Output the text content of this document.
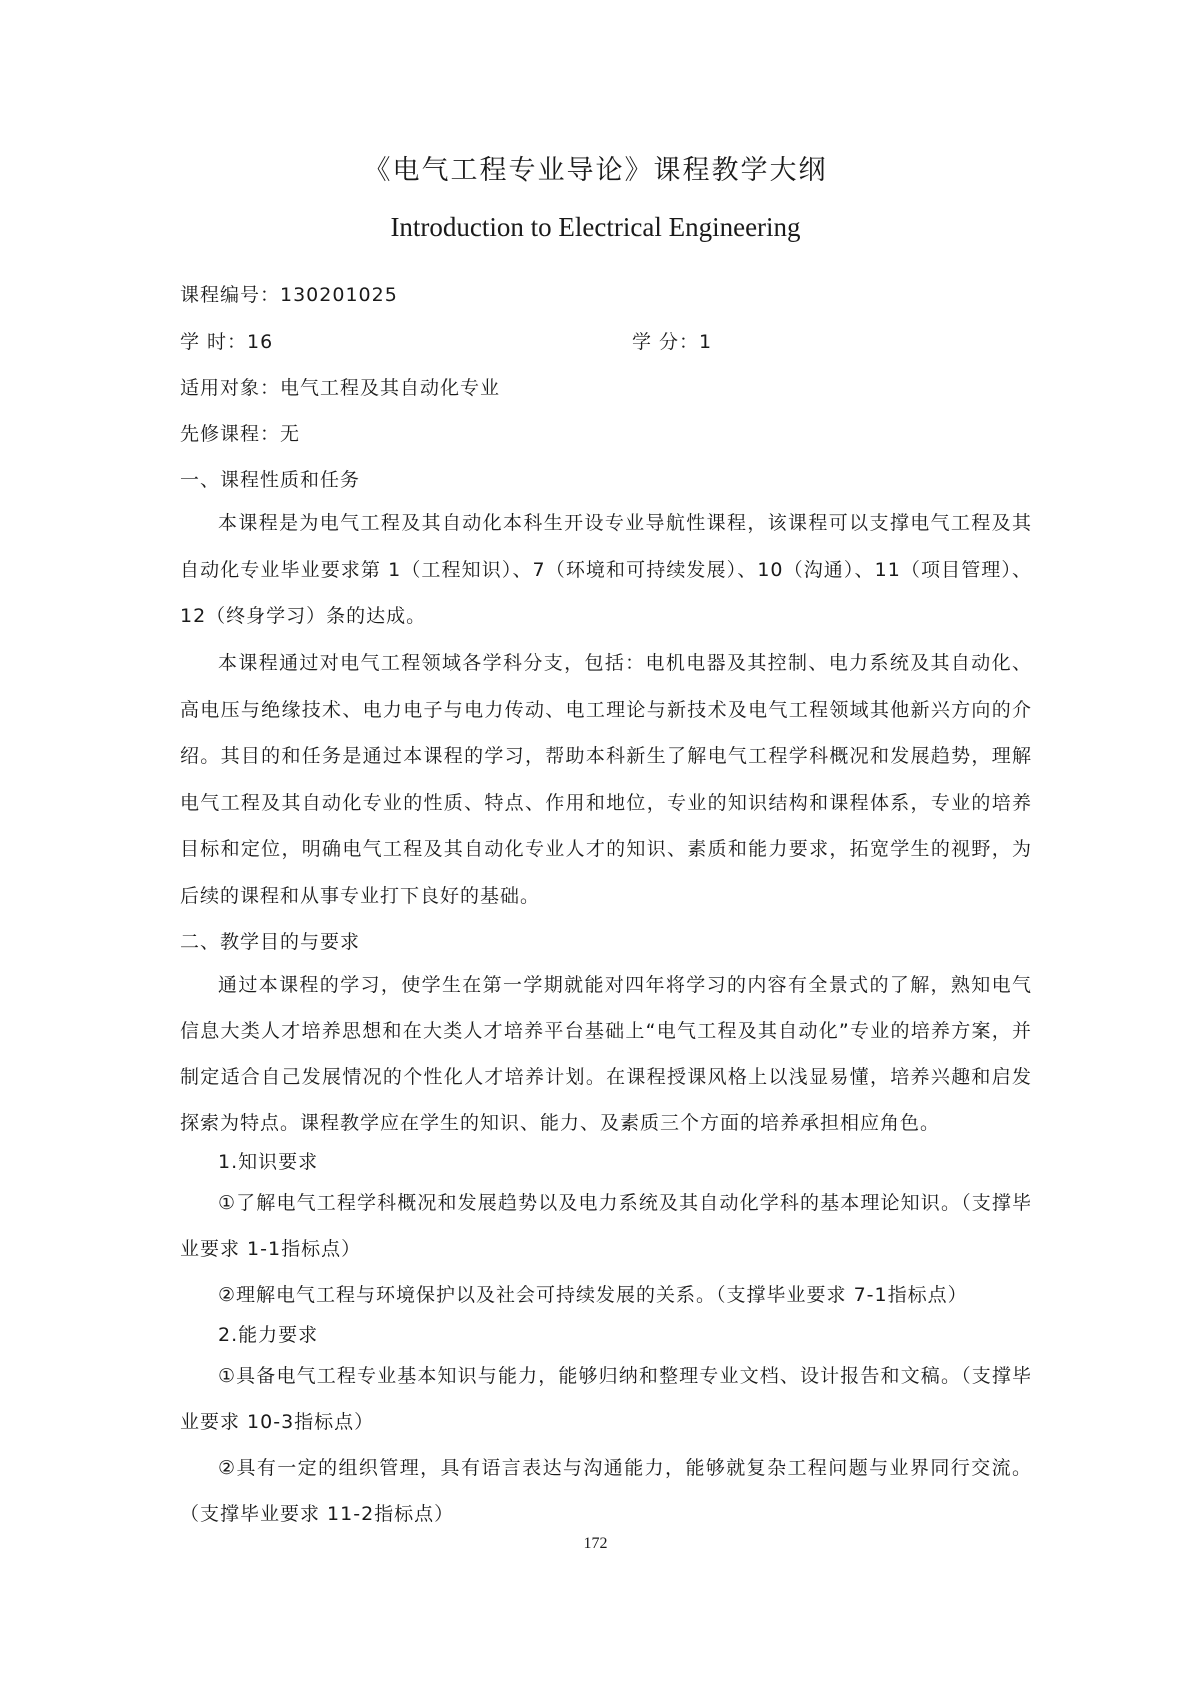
《电气工程专业导论》课程教学大纲
Introduction to Electrical Engineering
课程编号：130201025
学 时：16	学 分：1
适用对象：电气工程及其自动化专业
先修课程：无
一、课程性质和任务
本课程是为电气工程及其自动化本科生开设专业导航性课程，该课程可以支撑电气工程及其自动化专业毕业要求第 1（工程知识）、7（环境和可持续发展）、10（沟通）、11（项目管理）、12（终身学习）条的达成。
本课程通过对电气工程领域各学科分支，包括：电机电器及其控制、电力系统及其自动化、高电压与绝缘技术、电力电子与电力传动、电工理论与新技术及电气工程领域其他新兴方向的介绍。其目的和任务是通过本课程的学习，帮助本科新生了解电气工程学科概况和发展趋势，理解电气工程及其自动化专业的性质、特点、作用和地位，专业的知识结构和课程体系，专业的培养目标和定位，明确电气工程及其自动化专业人才的知识、素质和能力要求，拓宽学生的视野，为后续的课程和从事专业打下良好的基础。
二、教学目的与要求
通过本课程的学习，使学生在第一学期就能对四年将学习的内容有全景式的了解，熟知电气信息大类人才培养思想和在大类人才培养平台基础上“电气工程及其自动化”专业的培养方案，并制定适合自己发展情况的个性化人才培养计划。在课程授课风格上以浅显易懂，培养兴趣和启发探索为特点。课程教学应在学生的知识、能力、及素质三个方面的培养承担相应角色。
1.知识要求
①了解电气工程学科概况和发展趋势以及电力系统及其自动化学科的基本理论知识。（支撑毕业要求 1-1指标点）
②理解电气工程与环境保护以及社会可持续发展的关系。（支撑毕业要求 7-1指标点）
2.能力要求
①具备电气工程专业基本知识与能力，能够归纳和整理专业文档、设计报告和文稿。（支撑毕业要求 10-3指标点）
②具有一定的组织管理，具有语言表达与沟通能力，能够就复杂工程问题与业界同行交流。（支撑毕业要求 11-2指标点）
172
